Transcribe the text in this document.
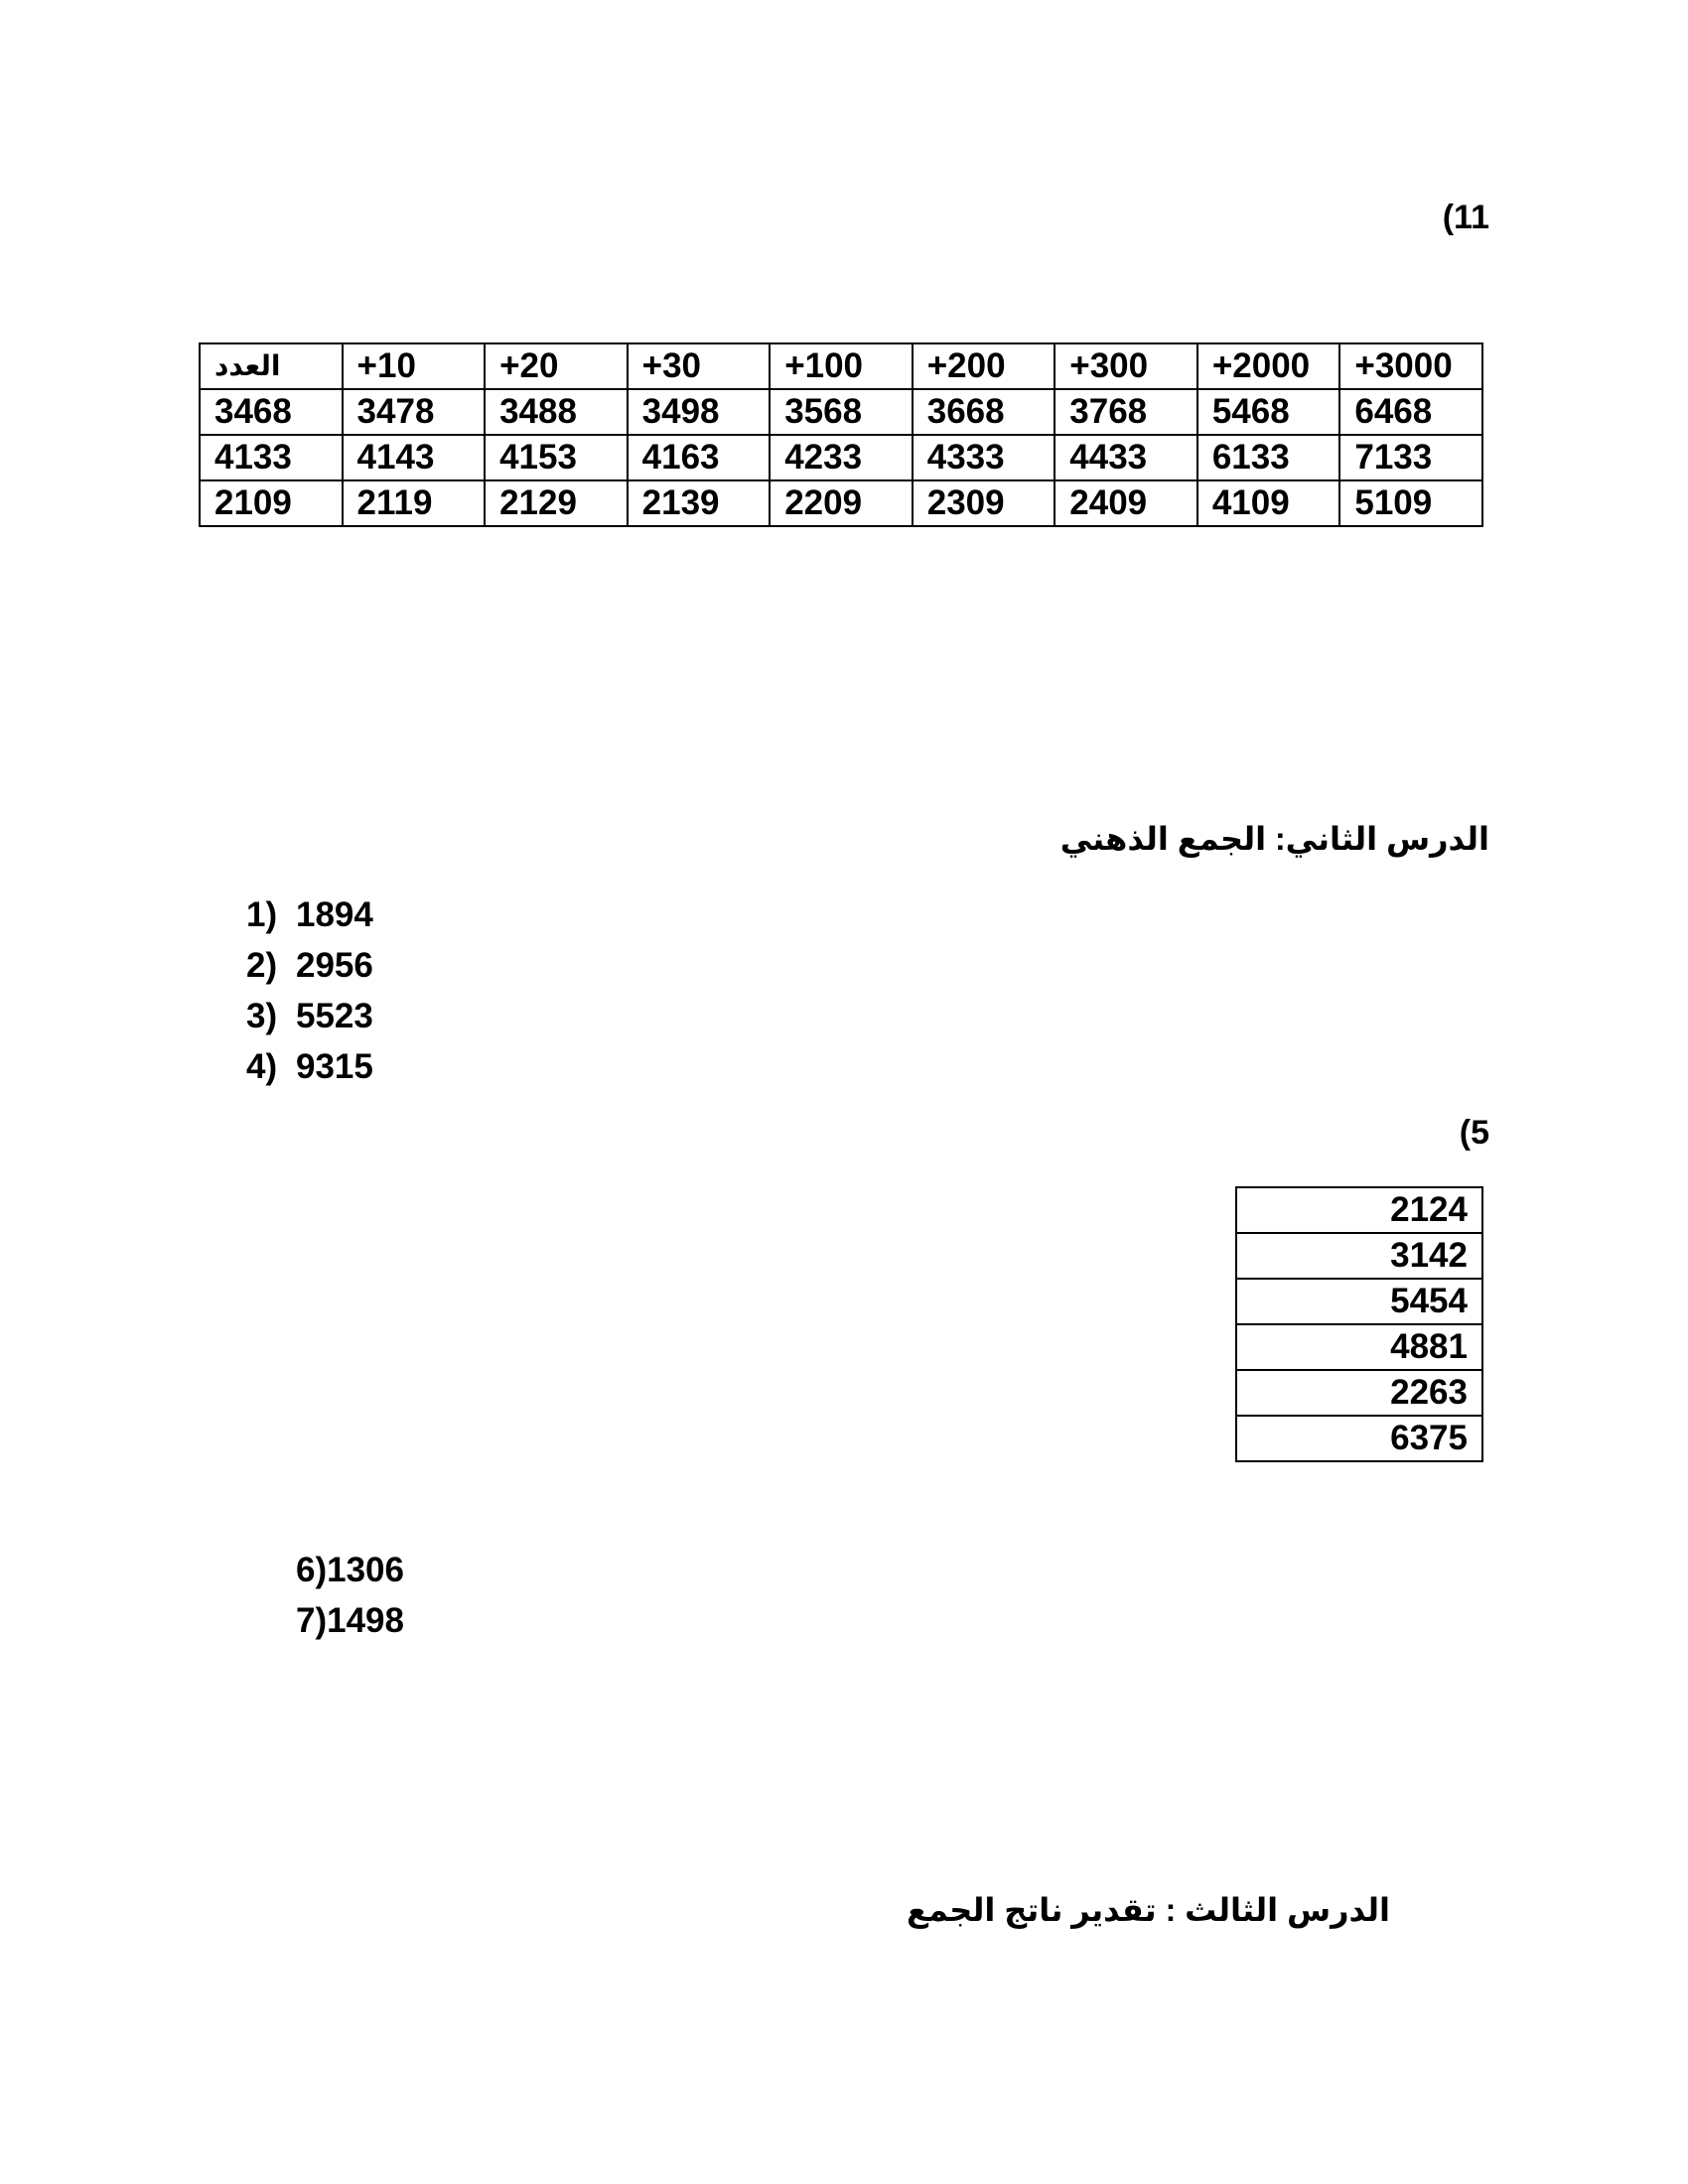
(11
العدد	+10	+20	+30	+100	+200	+300	+2000	+3000
3468	3478	3488	3498	3568	3668	3768	5468	6468
4133	4143	4153	4163	4233	4333	4433	6133	7133
2109	2119	2129	2139	2209	2309	2409	4109	5109
الدرس الثاني: الجمع الذهني
1) 1894
2) 2956
3) 5523
4) 9315
(5
2124
3142
5454
4881
2263
6375
6)1306
7)1498
الدرس الثالث : تقدير ناتج الجمع
